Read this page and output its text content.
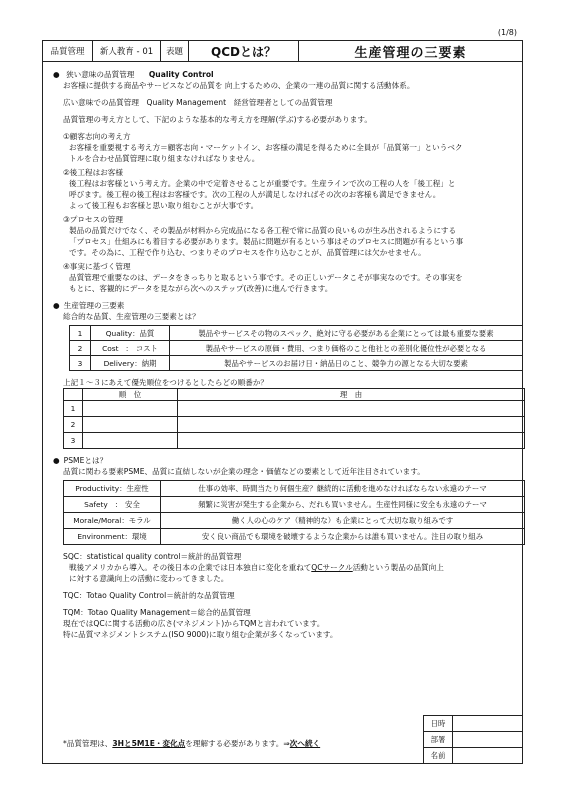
(1/8)
品質管理	新人教育 - 01	表題	QCDとは？	生産管理の三要素

● 狭い意味の品質管理 Quality Control

お客様に提供する商品やサービスなどの品質を 向上するための、企業の一連の品質に関する活動体系。

広い意味での品質管理　Quality Management　経営管理者としての品質管理

品質管理の考え方として、下記のような基本的な考え方を理解(学ぶ)する必要があります。

①顧客志向の考え方

お客様を重要視する考え方＝顧客志向・マーケットイン、お客様の満足を得るために全員が「品質第一」というベク

トルを合わせ品質管理に取り組まなければなりません。

②後工程はお客様

後工程はお客様という考え方。企業の中で定着させることが重要です。生産ラインで次の工程の人を「後工程」と

呼びます。後工程の後工程はお客様です。次の工程の人が満足しなければその次のお客様も満足できません。

よって後工程もお客様と思い取り組むことが大事です。

③プロセスの管理

製品の品質だけでなく、その製品が材料から完成品になる各工程で常に品質の良いものが生み出されるようにする

「プロセス」仕組みにも着目する必要があります。製品に問題が有るという事はそのプロセスに問題が有るという事

です。その為に、工程で作り込む、つまりそのプロセスを作り込むことが、品質管理には欠かせません。

④事実に基づく管理

品質管理で重要なのは、データをきっちりと取るという事です。その正しいデータこそが事実なのです。その事実を

もとに、客観的にデータを見ながら次へのステップ(改善)に進んで行きます。

● 生産管理の三要素

総合的な品質、生産管理の三要素とは？

1	Quality：品質	製品やサービスその物のスペック、絶対に守る必要がある企業にとっては最も重要な要素
2	Cost　:　コスト	製品やサービスの原価・費用、つまり価格のこと他社との差別化優位性が必要となる
3	Delivery：納期	製品やサービスのお届け日・納品日のこと、競争力の源となる大切な要素

上記１～３にあえて優先順位をつけるとしたらどの順番か？

	順　位	理　由
1		
2		
3		

● PSMEとは？

品質に関わる要素PSME、品質に直結しないが企業の理念・価値などの要素として近年注目されています。

Productivity：生産性	仕事の効率、時間当たり何個生産？継続的に活動を進めなければならない永遠のテーマ
Safety　:　安全	頻繁に災害が発生する企業から、だれも買いません。生産性同様に安全も永遠のテーマ
Morale/Moral：モラル	働く人の心のケア（精神的な）も企業にとって大切な取り組みです
Environment：環境	安く良い商品でも環境を破壊するような企業からは誰も買いません。注目の取り組み

SQC：statistical quality control＝統計的品質管理

戦後アメリカから導入。その後日本の企業では日本独自に変化を重ねてQCサークル活動という製品の品質向上

に対する意識向上の活動に変わってきました。

TQC：Totao Quality Control＝統計的な品質管理

TQM：Totao Quality Management＝総合的品質管理

現在ではQCに関する活動の広さ(マネジメント)からTQMと言われています。

特に品質マネジメントシステム(ISO 9000)に取り組む企業が多くなっています。

*品質管理は、3Hと5M1E・変化点を理解する必要があります。⇒次へ続く
日時	
部署	
名前	
